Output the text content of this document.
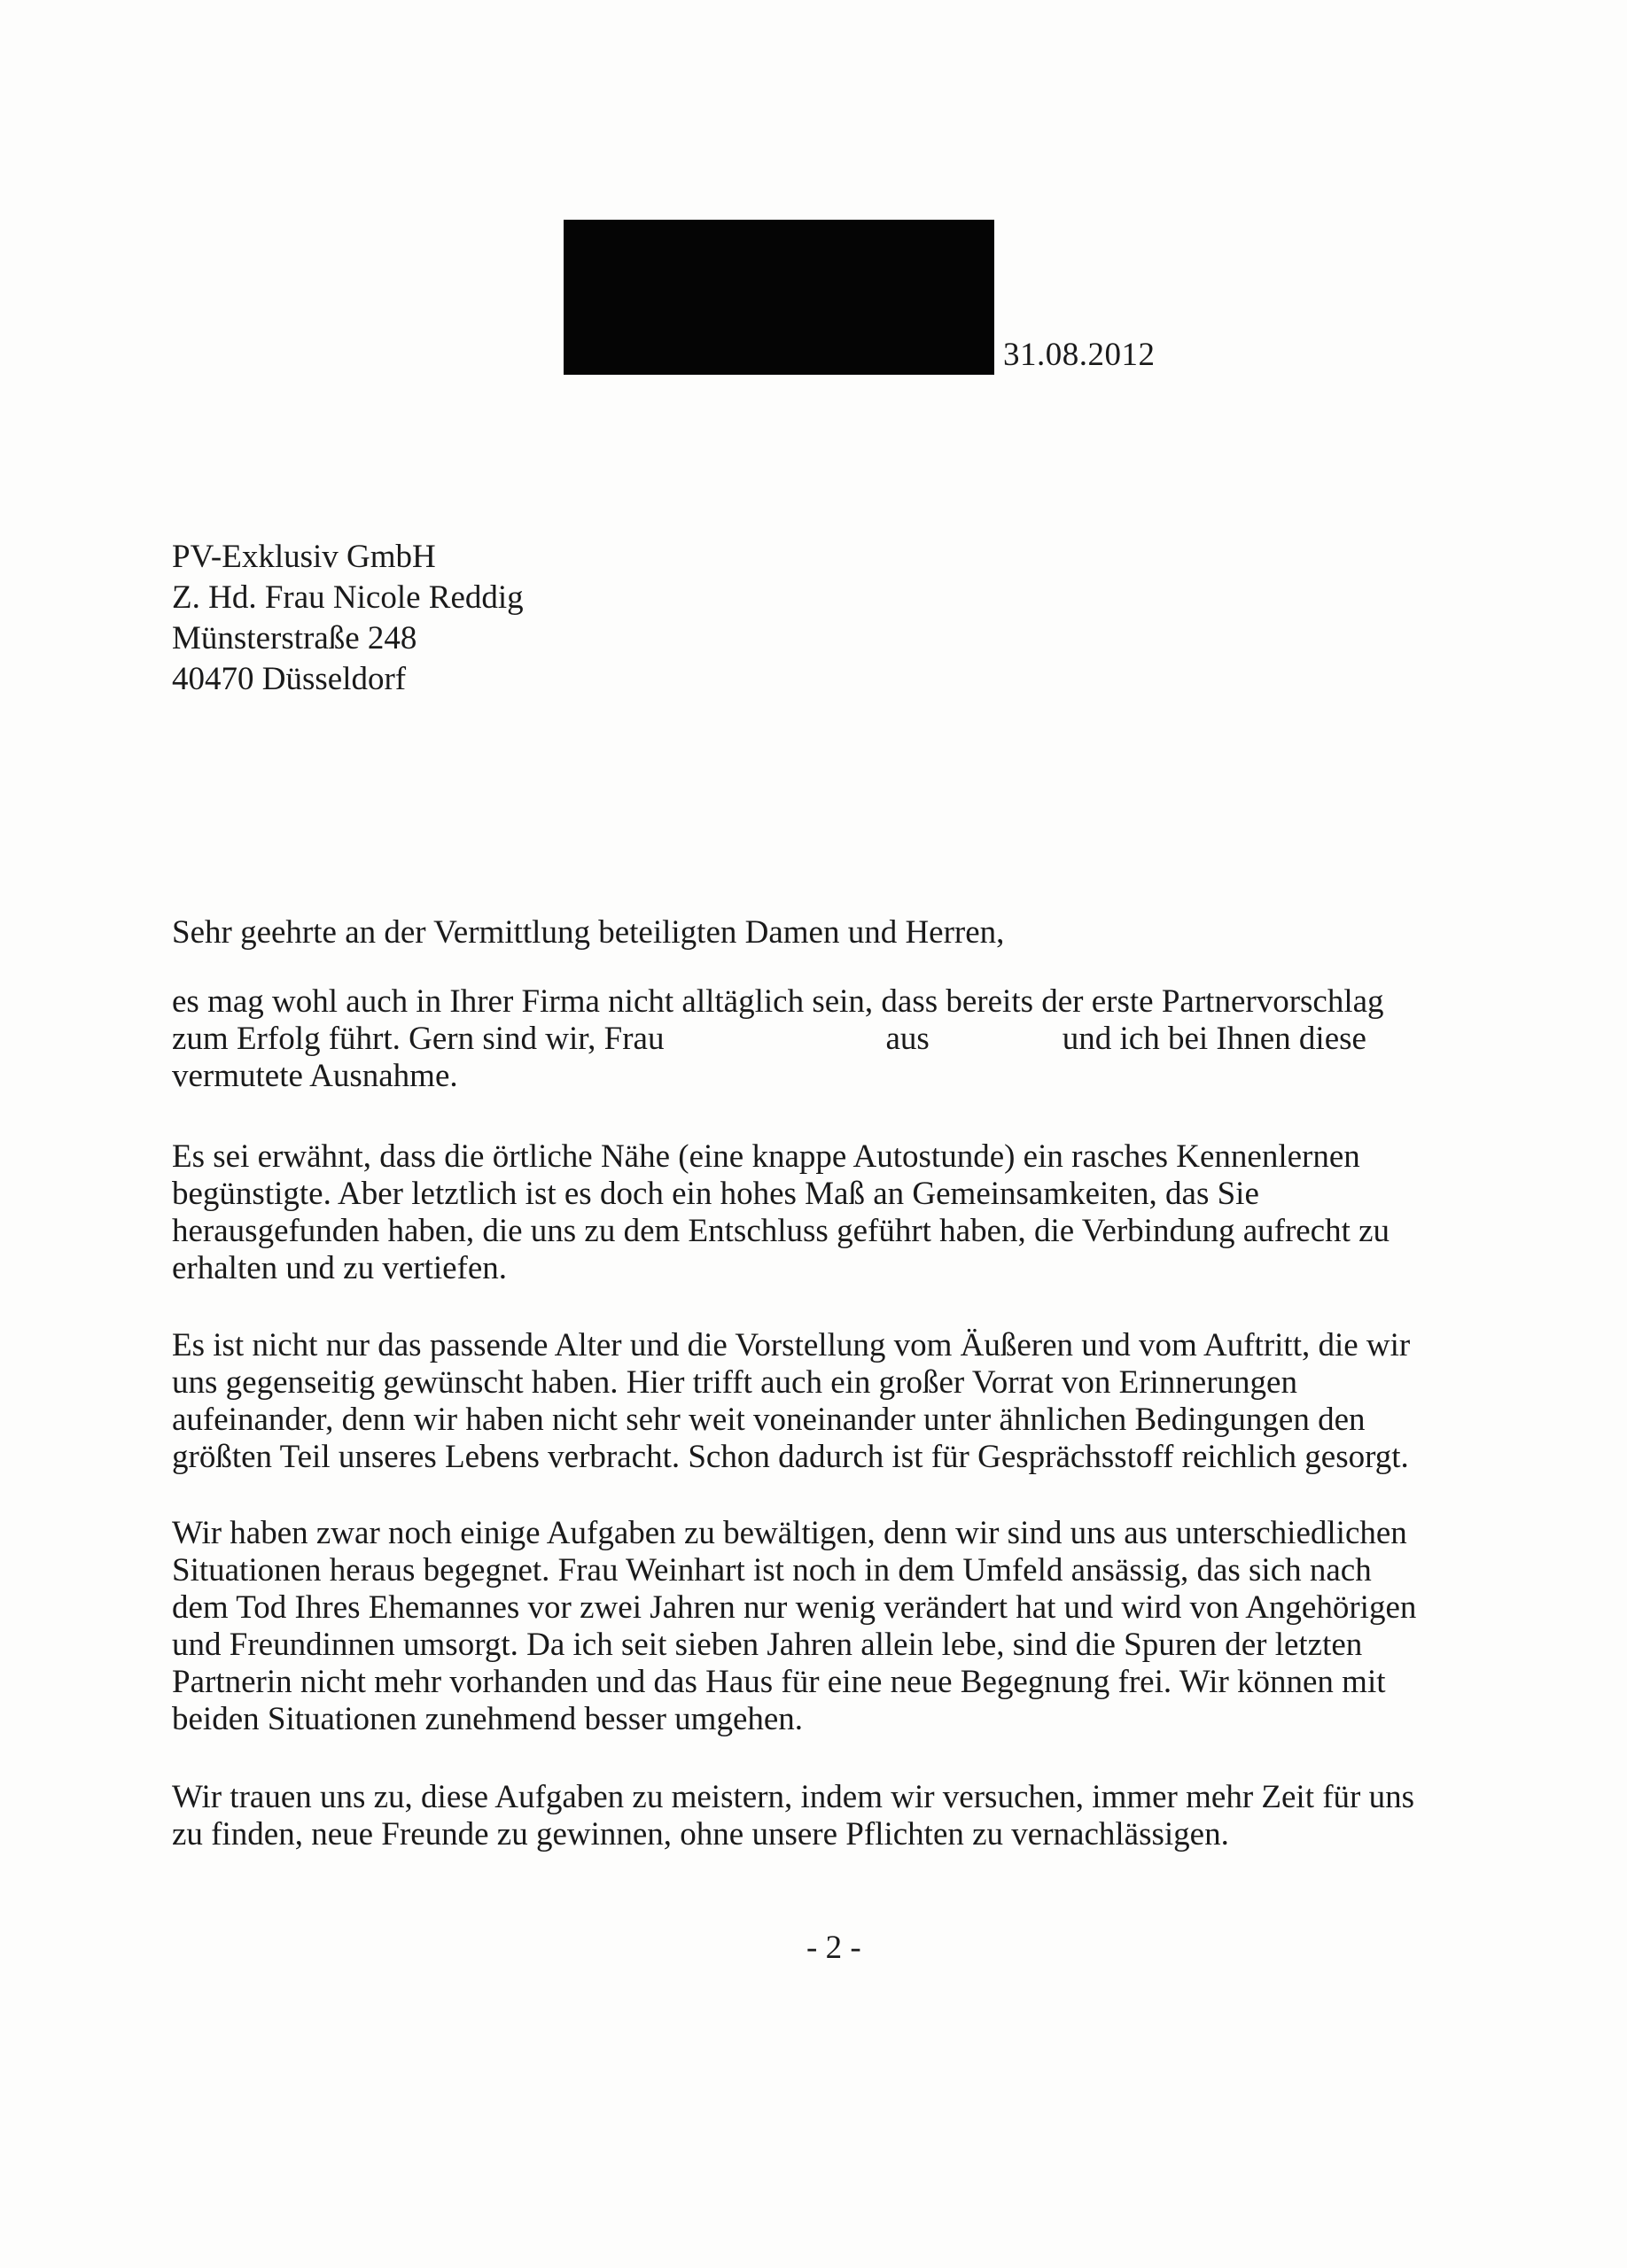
31.08.2012
PV-Exklusiv GmbH
Z. Hd. Frau Nicole Reddig
Münsterstraße 248
40470 Düsseldorf
Sehr geehrte an der Vermittlung beteiligten Damen und Herren,
es mag wohl auch in Ihrer Firma nicht alltäglich sein, dass bereits der erste Partnervorschlag
zum Erfolg führt. Gern sind wir, Frau	aus	und ich bei Ihnen diese
vermutete Ausnahme.
Es sei erwähnt, dass die örtliche Nähe (eine knappe Autostunde) ein rasches Kennenlernen
begünstigte. Aber letztlich ist es doch ein hohes Maß an Gemeinsamkeiten, das Sie
herausgefunden haben, die uns zu dem Entschluss geführt haben, die Verbindung aufrecht zu
erhalten und zu vertiefen.
Es ist nicht nur das passende Alter und die Vorstellung vom Äußeren und vom Auftritt, die wir
uns gegenseitig gewünscht haben. Hier trifft auch ein großer Vorrat von Erinnerungen
aufeinander, denn wir haben nicht sehr weit voneinander unter ähnlichen Bedingungen den
größten Teil unseres Lebens verbracht. Schon dadurch ist für Gesprächsstoff reichlich gesorgt.
Wir haben zwar noch einige Aufgaben zu bewältigen, denn wir sind uns aus unterschiedlichen
Situationen heraus begegnet. Frau Weinhart ist noch in dem Umfeld ansässig, das sich nach
dem Tod Ihres Ehemannes vor zwei Jahren nur wenig verändert hat und wird von Angehörigen
und Freundinnen umsorgt. Da ich seit sieben Jahren allein lebe, sind die Spuren der letzten
Partnerin nicht mehr vorhanden und das Haus für eine neue Begegnung frei. Wir können mit
beiden Situationen zunehmend besser umgehen.
Wir trauen uns zu, diese Aufgaben zu meistern, indem wir versuchen, immer mehr Zeit für uns
zu finden, neue Freunde zu gewinnen, ohne unsere Pflichten zu vernachlässigen.
- 2 -
